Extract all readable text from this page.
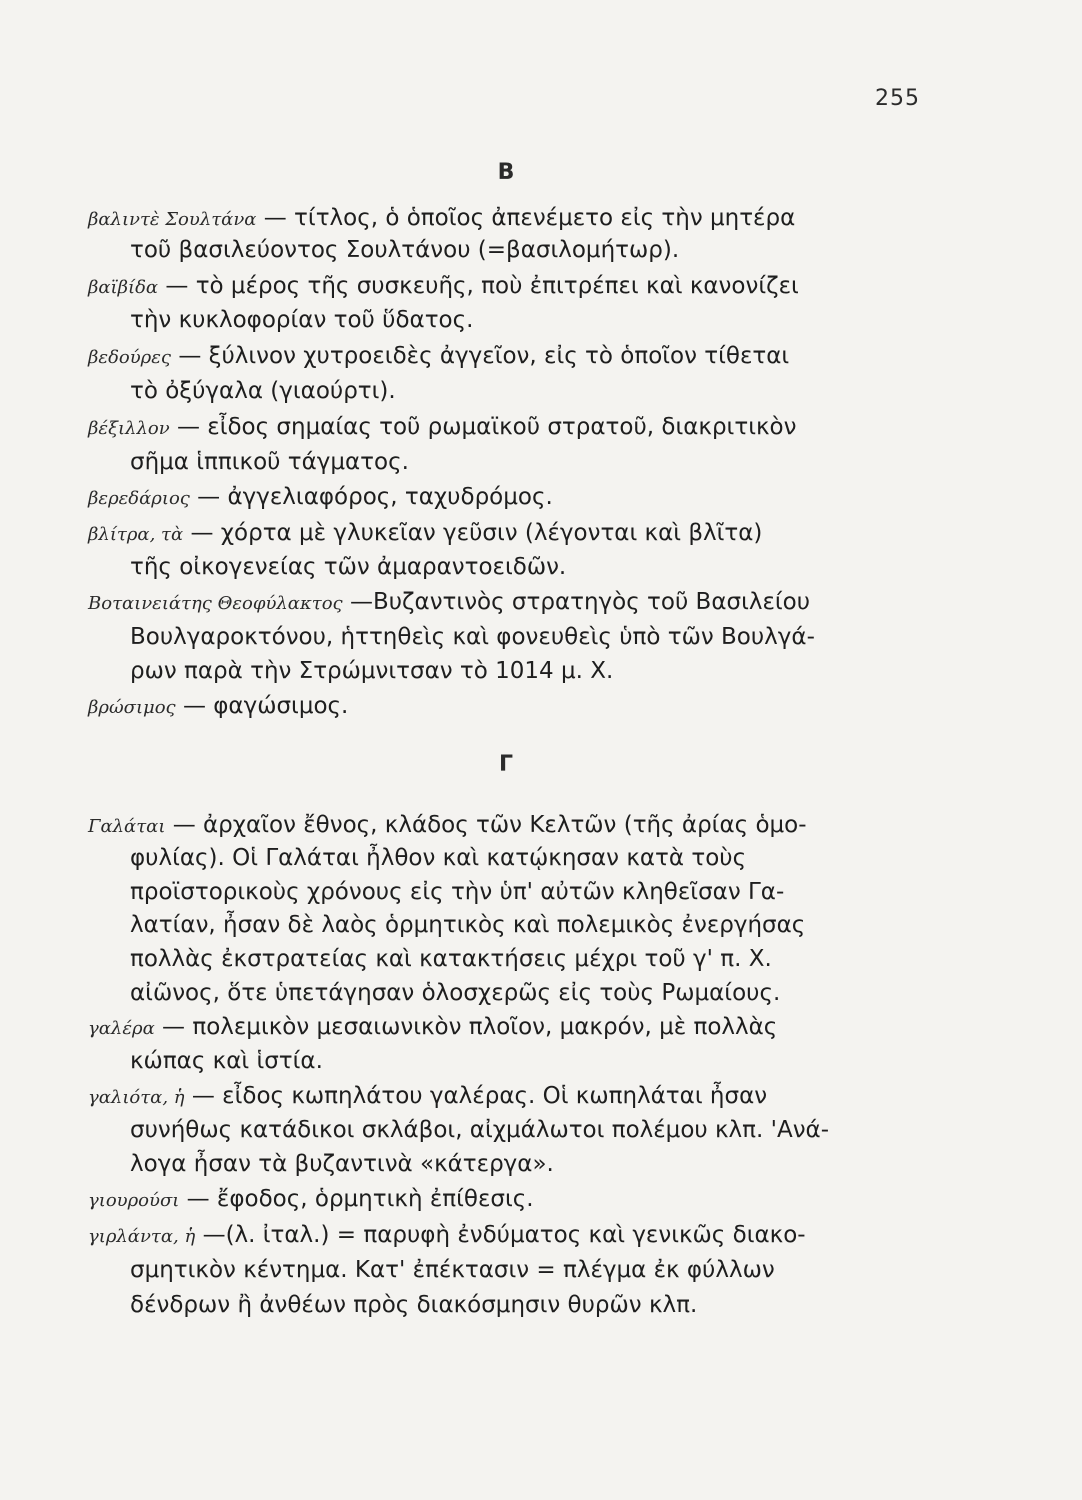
255
Β
βαλιντὲ Σουλτάνα — τίτλος, ὁ ὁποῖος ἀπενέμετο εἰς τὴν μητέρα
τοῦ βασιλεύοντος Σουλτάνου (=βασιλομήτωρ).
βαϊβίδα — τὸ μέρος τῆς συσκευῆς, ποὺ ἐπιτρέπει καὶ κανονίζει
τὴν κυκλοφορίαν τοῦ ὕδατος.
βεδούρες — ξύλινον χυτροειδὲς ἀγγεῖον, εἰς τὸ ὁποῖον τίθεται
τὸ ὀξύγαλα (γιαούρτι).
βέξιλλον — εἶδος σημαίας τοῦ ρωμαϊκοῦ στρατοῦ, διακριτικὸν
σῆμα ἱππικοῦ τάγματος.
βερεδάριος — ἀγγελιαφόρος, ταχυδρόμος.
βλίτρα, τὰ — χόρτα μὲ γλυκεῖαν γεῦσιν (λέγονται καὶ βλῖτα)
τῆς οἰκογενείας τῶν ἀμαραντοειδῶν.
Βοταινειάτης Θεοφύλακτος —Βυζαντινὸς στρατηγὸς τοῦ Βασιλείου
Βουλγαροκτόνου, ἡττηθεὶς καὶ φονευθεὶς ὑπὸ τῶν Βουλγά-
ρων παρὰ τὴν Στρώμνιτσαν τὸ 1014 μ. Χ.
βρώσιμος — φαγώσιμος.
Γ
Γαλάται — ἀρχαῖον ἔθνος, κλάδος τῶν Κελτῶν (τῆς ἀρίας ὁμο-
φυλίας). Οἱ Γαλάται ἦλθον καὶ κατῴκησαν κατὰ τοὺς
προϊστορικοὺς χρόνους εἰς τὴν ὑπ' αὐτῶν κληθεῖσαν Γα-
λατίαν, ἦσαν δὲ λαὸς ὁρμητικὸς καὶ πολεμικὸς ἐνεργήσας
πολλὰς ἐκστρατείας καὶ κατακτήσεις μέχρι τοῦ γ' π. Χ.
αἰῶνος, ὅτε ὑπετάγησαν ὁλοσχερῶς εἰς τοὺς Ρωμαίους.
γαλέρα — πολεμικὸν μεσαιωνικὸν πλοῖον, μακρόν, μὲ πολλὰς
κώπας καὶ ἱστία.
γαλιότα, ἡ — εἶδος κωπηλάτου γαλέρας. Οἱ κωπηλάται ἦσαν
συνήθως κατάδικοι σκλάβοι, αἰχμάλωτοι πολέμου κλπ. 'Ανά-
λογα ἦσαν τὰ βυζαντινὰ «κάτεργα».
γιουρούσι — ἔφοδος, ὁρμητικὴ ἐπίθεσις.
γιρλάντα, ἡ —(λ. ἰταλ.) = παρυφὴ ἐνδύματος καὶ γενικῶς διακο-
σμητικὸν κέντημα. Κατ' ἐπέκτασιν = πλέγμα ἐκ φύλλων
δένδρων ἢ ἀνθέων πρὸς διακόσμησιν θυρῶν κλπ.
